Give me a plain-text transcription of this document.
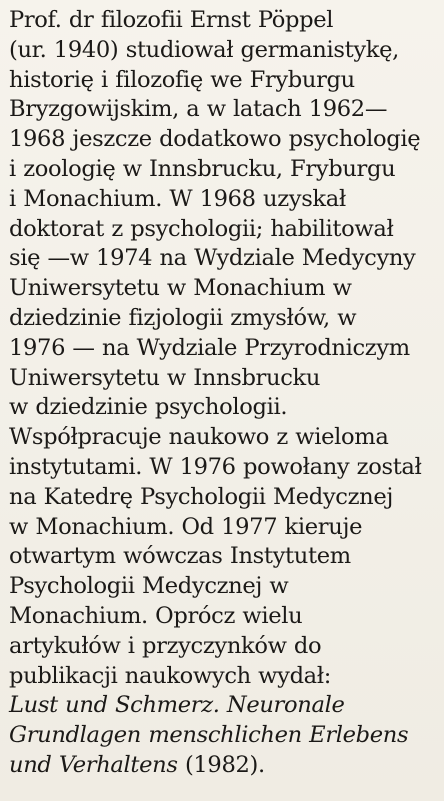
Prof. dr filozofii Ernst Pöppel
(ur. 1940) studiował germanistykę,
historię i filozofię we Fryburgu
Bryzgowijskim, a w latach 1962—
1968 jeszcze dodatkowo psychologię
i zoologię w Innsbrucku, Fryburgu
i Monachium. W 1968 uzyskał
doktorat z psychologii; habilitował
się —w 1974 na Wydziale Medycyny
Uniwersytetu w Monachium w
dziedzinie fizjologii zmysłów, w
1976 — na Wydziale Przyrodniczym
Uniwersytetu w Innsbrucku
w dziedzinie psychologii.
Współpracuje naukowo z wieloma
instytutami. W 1976 powołany został
na Katedrę Psychologii Medycznej
w Monachium. Od 1977 kieruje
otwartym wówczas Instytutem
Psychologii Medycznej w
Monachium. Oprócz wielu
artykułów i przyczynków do
publikacji naukowych wydał:
Lust und Schmerz. Neuronale
Grundlagen menschlichen Erlebens
und Verhaltens (1982).
